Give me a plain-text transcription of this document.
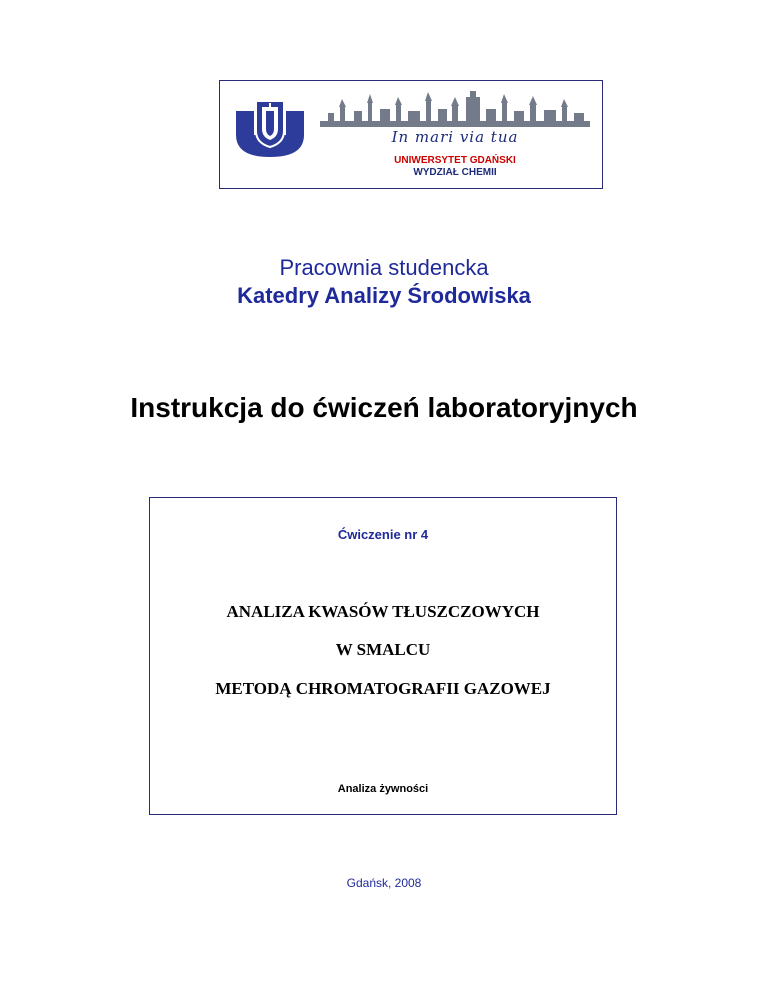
In mari via tua
UNIWERSYTET GDAŃSKI
WYDZIAŁ CHEMII
Pracownia studencka
Katedry Analizy Środowiska
Instrukcja do ćwiczeń laboratoryjnych
Ćwiczenie nr 4
ANALIZA KWASÓW TŁUSZCZOWYCH
W SMALCU
METODĄ CHROMATOGRAFII GAZOWEJ
Analiza żywności
Gdańsk, 2008
